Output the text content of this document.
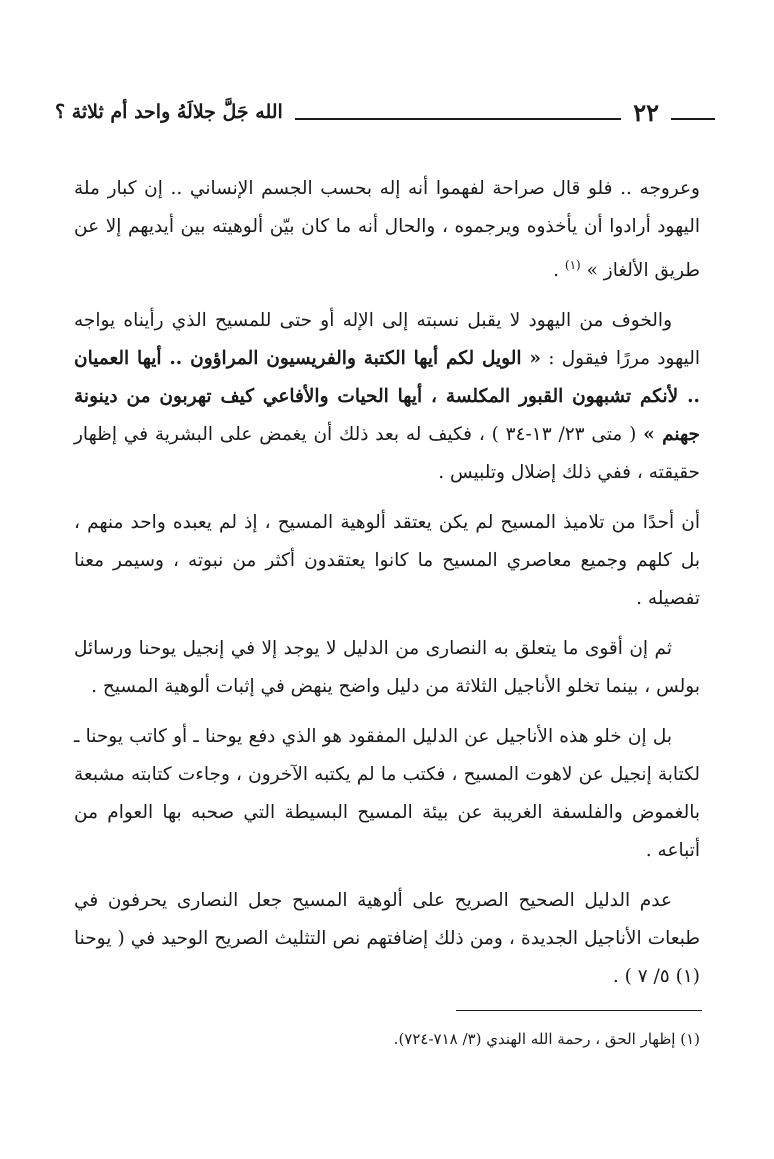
٢٢
الله جَلَّ جلالَهُ واحد أم ثلاثة ؟

وعروجه .. فلو قال صراحة لفهموا أنه إله بحسب الجسم الإنساني .. إن كبار ملة اليهود أرادوا أن يأخذوه ويرجموه ، والحال أنه ما كان بيّن ألوهيته بين أيديهم إلا عن طريق الألغاز » $^{(١)}$ .

والخوف من اليهود لا يقبل نسبته إلى الإله أو حتى للمسيح الذي رأيناه يواجه اليهود مررًا فيقول : « الويل لكم أيها الكتبة والفريسيون المراؤون .. أيها العميان .. لأنكم تشبهون القبور المكلسة ، أيها الحيات والأفاعي كيف تهربون من دينونة جهنم » ( متى ٢٣/ ١٣-٣٤ ) ، فكيف له بعد ذلك أن يغمض على البشرية في إظهار حقيقته ، ففي ذلك إضلال وتلبيس .

أن أحدًا من تلاميذ المسيح لم يكن يعتقد ألوهية المسيح ، إذ لم يعبده واحد منهم ، بل كلهم وجميع معاصري المسيح ما كانوا يعتقدون أكثر من نبوته ، وسيمر معنا تفصيله .

ثم إن أقوى ما يتعلق به النصارى من الدليل لا يوجد إلا في إنجيل يوحنا ورسائل بولس ، بينما تخلو الأناجيل الثلاثة من دليل واضح ينهض في إثبات ألوهية المسيح .

بل إن خلو هذه الأناجيل عن الدليل المفقود هو الذي دفع يوحنا ـ أو كاتب يوحنا ـ لكتابة إنجيل عن لاهوت المسيح ، فكتب ما لم يكتبه الآخرون ، وجاءت كتابته مشبعة بالغموض والفلسفة الغريبة عن بيئة المسيح البسيطة التي صحبه بها العوام من أتباعه .

عدم الدليل الصحيح الصريح على ألوهية المسيح جعل النصارى يحرفون في طبعات الأناجيل الجديدة ، ومن ذلك إضافتهم نص التثليث الصريح الوحيد في ( يوحنا (١) ٥/ ٧ ) .

(١) إظهار الحق ، رحمة الله الهندي (٣/ ٧١٨-٧٢٤).
